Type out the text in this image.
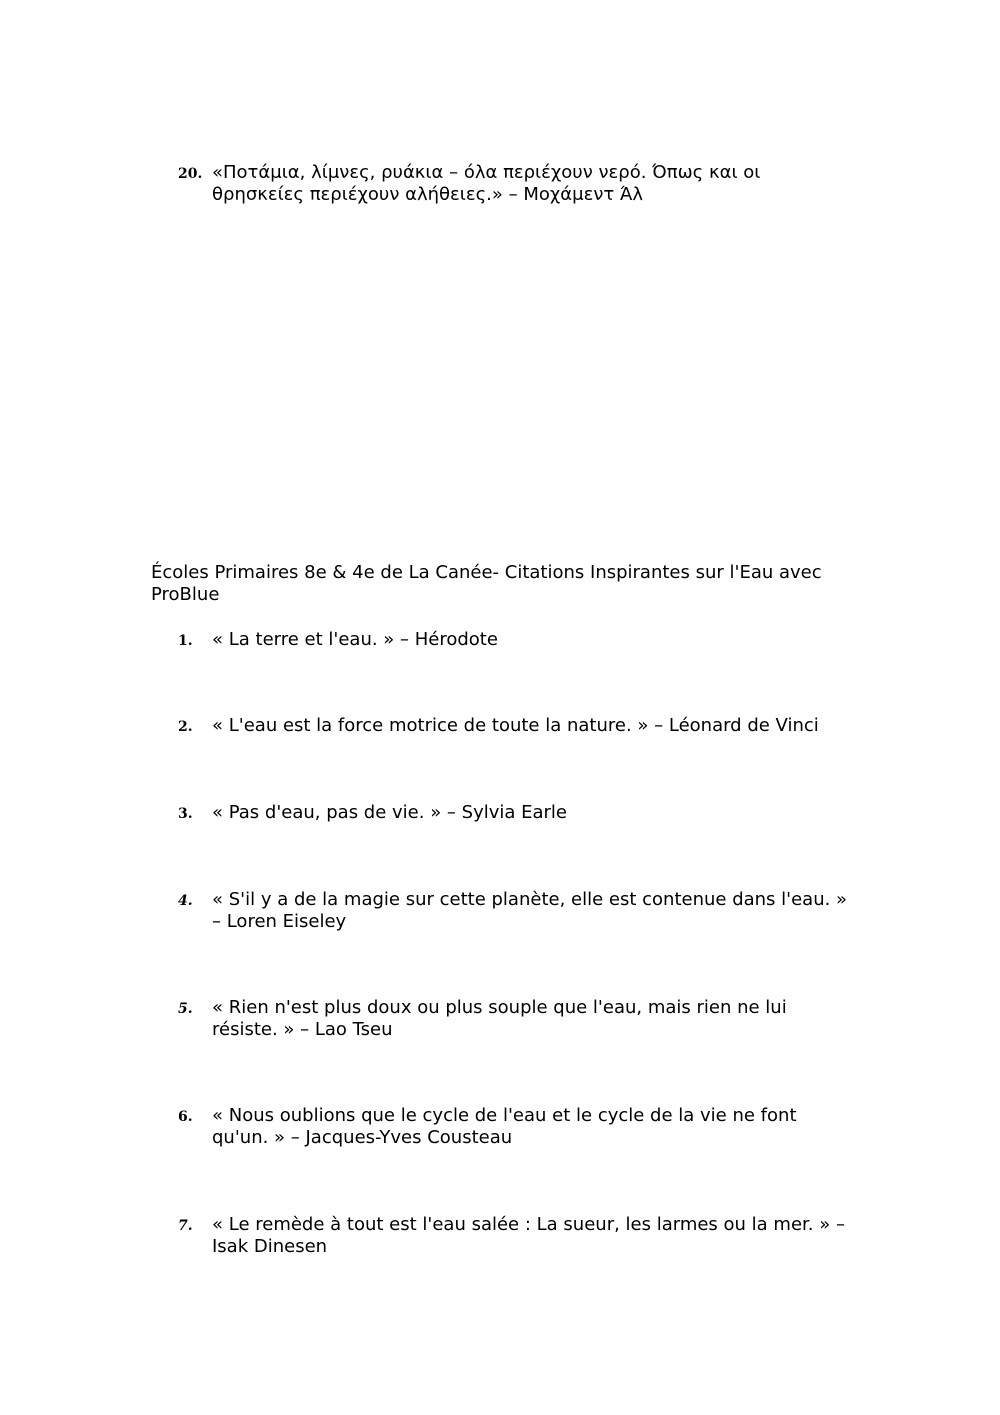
20. «Ποτάμια, λίμνες, ρυάκια – όλα περιέχουν νερό. Όπως και οι θρησκείες περιέχουν αλήθειες.» – Μοχάμεντ Άλ
Écoles Primaires 8e & 4e de La Canée- Citations Inspirantes sur l'Eau avec ProBlue
1.	« La terre et l'eau. » – Hérodote
2.	« L'eau est la force motrice de toute la nature. » – Léonard de Vinci
3.	« Pas d'eau, pas de vie. » – Sylvia Earle
4.	« S'il y a de la magie sur cette planète, elle est contenue dans l'eau. » – Loren Eiseley
5.	« Rien n'est plus doux ou plus souple que l'eau, mais rien ne lui résiste. » – Lao Tseu
6.	« Nous oublions que le cycle de l'eau et le cycle de la vie ne font qu'un. » – Jacques-Yves Cousteau
7.	« Le remède à tout est l'eau salée : La sueur, les larmes ou la mer. » – Isak Dinesen
